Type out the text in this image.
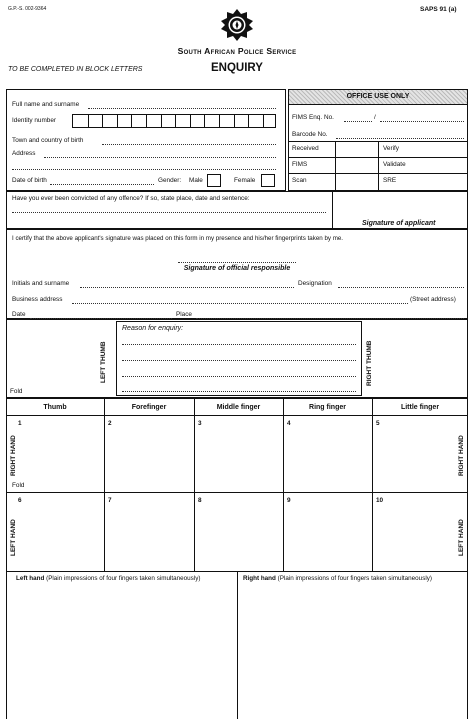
G.P.-S. 002-9364	SAPS 91 (a)
South African Police Service
TO BE COMPLETED IN BLOCK LETTERS	ENQUIRY
Full name and surname
Identity number
Town and country of birth
Address
Date of birth	Gender: Male	Female
OFFICE USE ONLY
FIMS Enq. No.	/
Barcode No.
Received	Verify
FIMS	Validate
Scan	SRE
Have you ever been convicted of any offence? If so, state place, date and sentence:
Signature of applicant
I certify that the above applicant's signature was placed on this form in my presence and his/her fingerprints taken by me.
Signature of official responsible
Initials and surname	Designation
Business address	(Street address)
Date	Place
LEFT THUMB	RIGHT THUMB
Reason for enquiry:
Fold
Thumb	Forefinger	Middle finger	Ring finger	Little finger
1	2	3	4	5
RIGHT HAND	RIGHT HAND
Fold
6	7	8	9	10
LEFT HAND	LEFT HAND
Left hand (Plain impressions of four fingers taken simultaneously)	Right hand (Plain impressions of four fingers taken simultaneously)
